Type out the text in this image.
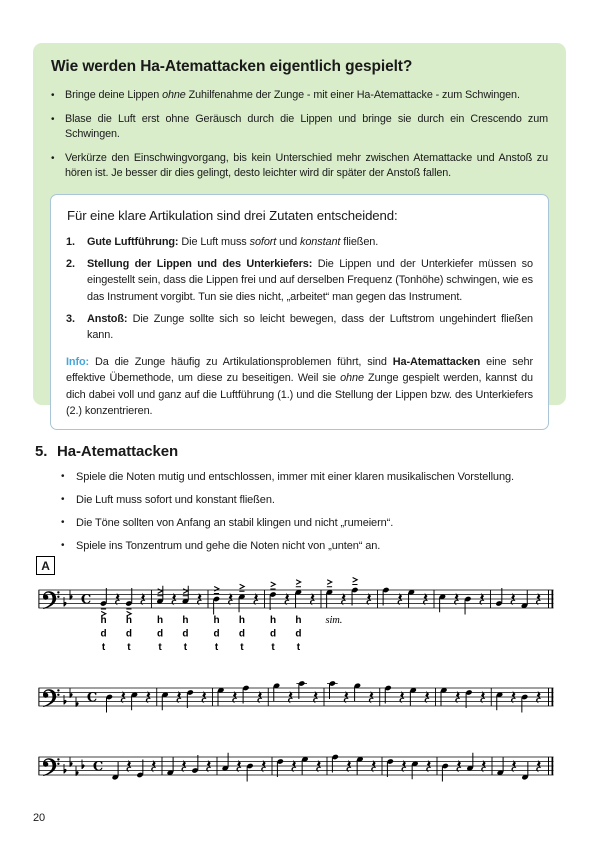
Wie werden Ha-Atemattacken eigentlich gespielt?
• Bringe deine Lippen ohne Zuhilfenahme der Zunge - mit einer Ha-Atemattacke - zum Schwingen.
• Blase die Luft erst ohne Geräusch durch die Lippen und bringe sie durch ein Crescendo zum Schwingen.
• Verkürze den Einschwingvorgang, bis kein Unterschied mehr zwischen Atemattacke und Anstoß zu hören ist. Je besser dir dies gelingt, desto leichter wird dir später der Anstoß fallen.
Für eine klare Artikulation sind drei Zutaten entscheidend:
1.	Gute Luftführung: Die Luft muss sofort und konstant fließen.
2.	Stellung der Lippen und des Unterkiefers: Die Lippen und der Unterkiefer müssen so eingestellt sein, dass die Lippen frei und auf derselben Frequenz (Tonhöhe) schwingen, wie es das Instrument vorgibt. Tun sie dies nicht, „arbeitet“ man gegen das Instrument.
3.	Anstoß: Die Zunge sollte sich so leicht bewegen, dass der Luftstrom ungehindert fließen kann.

Info: Da die Zunge häufig zu Artikulationsproblemen führt, sind Ha-Atemattacken eine sehr effektive Übemethode, um diese zu beseitigen. Weil sie ohne Zunge gespielt werden, kannst du dich dabei voll und ganz auf die Luftführung (1.) und die Stellung der Lippen bzw. des Unterkiefers (2.) konzentrieren.

5. Ha-Atemattacken
•	Spiele die Noten mutig und entschlossen, immer mit einer klaren musikalischen Vorstellung.
•	Die Luft muss sofort und konstant fließen.
•	Die Töne sollten von Anfang an stabil klingen und nicht „rumeiern“.
•	Spiele ins Tonzentrum und gehe die Noten nicht von „unten“ an.
A
C
h
d
t
h
d
t
h
d
t
h
d
t
h
d
t
h
d
t
h
d
t
h
d
t
sim.
C
C
20
